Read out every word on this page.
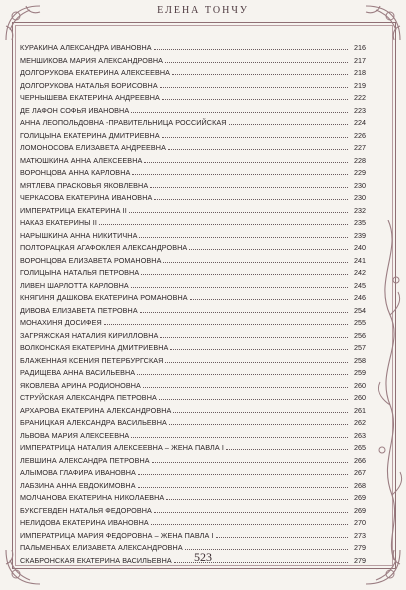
ЕЛЕНА ТОНЧУ
КУРАКИНА АЛЕКСАНДРА ИВАНОВНА	216
МЕНШИКОВА МАРИЯ АЛЕКСАНДРОВНА	217
ДОЛГОРУКОВА ЕКАТЕРИНА АЛЕКСЕЕВНА	218
ДОЛГОРУКОВА НАТАЛЬЯ БОРИСОВНА	219
ЧЕРНЫШЕВА ЕКАТЕРИНА АНДРЕЕВНА	222
ДЕ ЛАФОН СОФЬЯ ИВАНОВНА	223
АННА ЛЕОПОЛЬДОВНА -ПРАВИТЕЛЬНИЦА РОССИЙСКАЯ	224
ГОЛИЦЫНА ЕКАТЕРИНА ДМИТРИЕВНА	226
ЛОМОНОСОВА ЕЛИЗАВЕТА АНДРЕЕВНА	227
МАТЮШКИНА АННА АЛЕКСЕЕВНА	228
ВОРОНЦОВА АННА КАРЛОВНА	229
МЯТЛЕВА ПРАСКОВЬЯ ЯКОВЛЕВНА	230
ЧЕРКАСОВА ЕКАТЕРИНА ИВАНОВНА	230
ИМПЕРАТРИЦА ЕКАТЕРИНА II	232
НАКАЗ ЕКАТЕРИНЫ II	235
НАРЫШКИНА АННА НИКИТИЧНА	239
ПОЛТОРАЦКАЯ АГАФОКЛЕЯ АЛЕКСАНДРОВНА	240
ВОРОНЦОВА ЕЛИЗАВЕТА РОМАНОВНА	241
ГОЛИЦЫНА НАТАЛЬЯ ПЕТРОВНА	242
ЛИВЕН ШАРЛОТТА КАРЛОВНА	245
КНЯГИНЯ ДАШКОВА ЕКАТЕРИНА РОМАНОВНА	246
ДИВОВА ЕЛИЗАВЕТА ПЕТРОВНА	254
МОНАХИНЯ ДОСИФЕЯ	255
ЗАГРЯЖСКАЯ НАТАЛИЯ КИРИЛЛОВНА	256
ВОЛКОНСКАЯ ЕКАТЕРИНА ДМИТРИЕВНА	257
БЛАЖЕННАЯ КСЕНИЯ ПЕТЕРБУРГСКАЯ	258
РАДИЩЕВА АННА ВАСИЛЬЕВНА	259
ЯКОВЛЕВА АРИНА РОДИОНОВНА	260
СТРУЙСКАЯ АЛЕКСАНДРА ПЕТРОВНА	260
АРХАРОВА ЕКАТЕРИНА АЛЕКСАНДРОВНА	261
БРАНИЦКАЯ АЛЕКСАНДРА ВАСИЛЬЕВНА	262
ЛЬВОВА МАРИЯ АЛЕКСЕЕВНА	263
ИМПЕРАТРИЦА НАТАЛИЯ АЛЕКСЕЕВНА – ЖЕНА ПАВЛА I	265
ЛЕВШИНА АЛЕКСАНДРА ПЕТРОВНА	266
АЛЫМОВА ГЛАФИРА ИВАНОВНА	267
ЛАБЗИНА АННА ЕВДОКИМОВНА	268
МОЛЧАНОВА ЕКАТЕРИНА НИКОЛАЕВНА	269
БУКСГЕВДЕН НАТАЛЬЯ ФЕДОРОВНА	269
НЕЛИДОВА ЕКАТЕРИНА ИВАНОВНА	270
ИМПЕРАТРИЦА МАРИЯ ФЕДОРОВНА – ЖЕНА ПАВЛА I	273
ПАЛЬМЕНБАХ ЕЛИЗАВЕТА АЛЕКСАНДРОВНА	279
СКАБРОНСКАЯ ЕКАТЕРИНА ВАСИЛЬЕВНА	279
523
